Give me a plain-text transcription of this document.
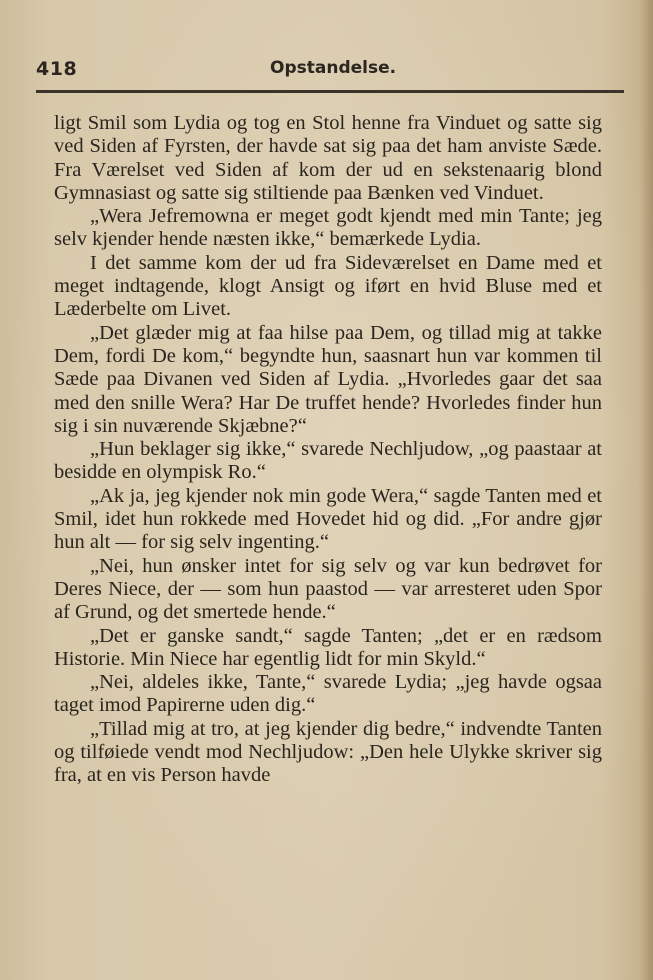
418	Opstandelse.

ligt Smil som Lydia og tog en Stol henne fra Vinduet og satte sig ved Siden af Fyrsten, der havde sat sig paa det ham anviste Sæde. Fra Værelset ved Siden af kom der ud en sekstenaarig blond Gymnasiast og satte sig stiltiende paa Bænken ved Vinduet.

„Wera Jefremowna er meget godt kjendt med min Tante; jeg selv kjender hende næsten ikke,“ bemærkede Lydia.

I det samme kom der ud fra Sideværelset en Dame med et meget indtagende, klogt Ansigt og iført en hvid Bluse med et Læderbelte om Livet.

„Det glæder mig at faa hilse paa Dem, og tillad mig at takke Dem, fordi De kom,“ begyndte hun, saasnart hun var kommen til Sæde paa Divanen ved Siden af Lydia. „Hvorledes gaar det saa med den snille Wera? Har De truffet hende? Hvorledes finder hun sig i sin nuværende Skjæbne?“

„Hun beklager sig ikke,“ svarede Nechljudow, „og paastaar at besidde en olympisk Ro.“

„Ak ja, jeg kjender nok min gode Wera,“ sagde Tanten med et Smil, idet hun rokkede med Hovedet hid og did. „For andre gjør hun alt — for sig selv ingenting.“

„Nei, hun ønsker intet for sig selv og var kun bedrøvet for Deres Niece, der — som hun paastod — var arresteret uden Spor af Grund, og det smertede hende.“

„Det er ganske sandt,“ sagde Tanten; „det er en rædsom Historie. Min Niece har egentlig lidt for min Skyld.“

„Nei, aldeles ikke, Tante,“ svarede Lydia; „jeg havde ogsaa taget imod Papirerne uden dig.“

„Tillad mig at tro, at jeg kjender dig bedre,“ indvendte Tanten og tilføiede vendt mod Nechljudow: „Den hele Ulykke skriver sig fra, at en vis Person havde
